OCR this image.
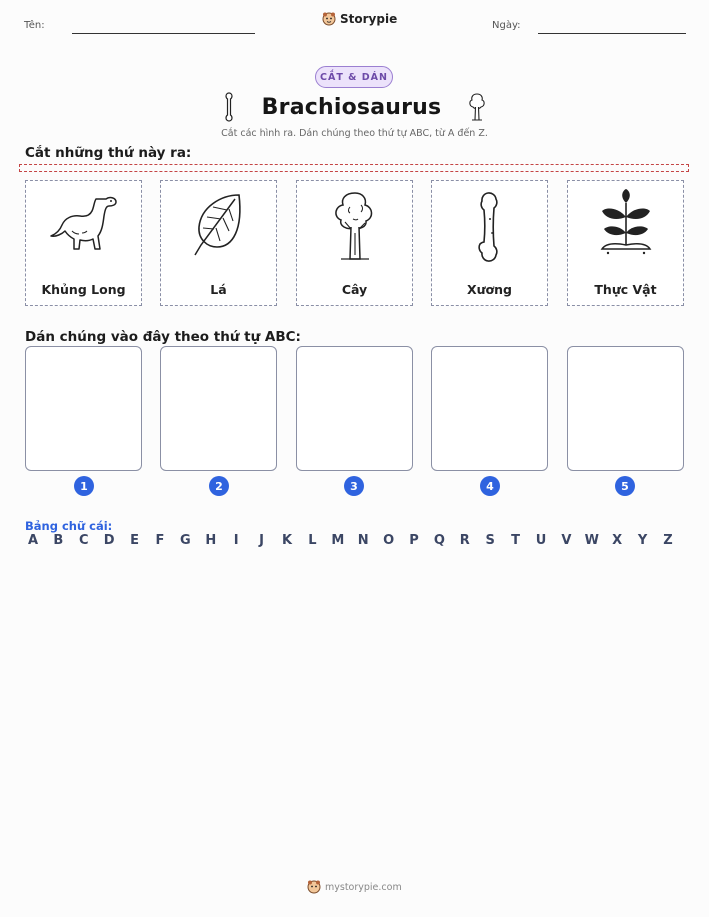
Tên:	Storypie	Ngày:
CẮT & DÁN
Brachiosaurus
Cắt các hình ra. Dán chúng theo thứ tự ABC, từ A đến Z.
Cắt những thứ này ra:
Khủng Long	Lá	Cây	Xương	Thực Vật
Dán chúng vào đây theo thứ tự ABC:
1	2	3	4	5
Bảng chữ cái:
A B C D E F G H	I	J	K L M N O P Q R S T U V W X Y Z
mystorypie.com
